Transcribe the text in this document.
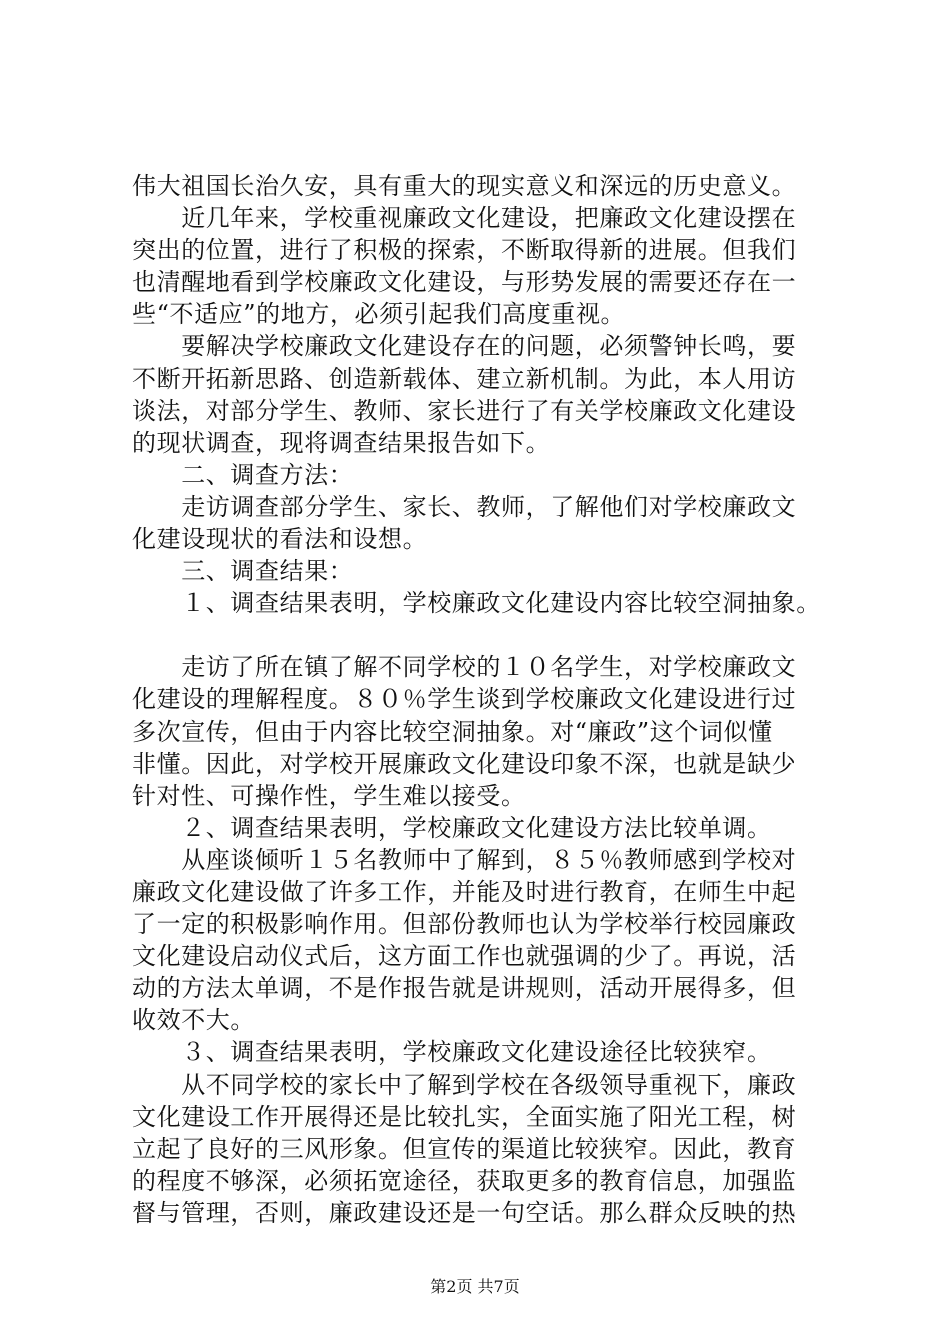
伟大祖国长治久安，具有重大的现实意义和深远的历史意义。
　　近几年来，学校重视廉政文化建设，把廉政文化建设摆在
突出的位置，进行了积极的探索，不断取得新的进展。但我们
也清醒地看到学校廉政文化建设，与形势发展的需要还存在一
些“不适应”的地方，必须引起我们高度重视。
　　要解决学校廉政文化建设存在的问题，必须警钟长鸣，要
不断开拓新思路、创造新载体、建立新机制。为此，本人用访
谈法，对部分学生、教师、家长进行了有关学校廉政文化建设
的现状调查，现将调查结果报告如下。
　　二、调查方法：
　　走访调查部分学生、家长、教师，了解他们对学校廉政文
化建设现状的看法和设想。
　　三、调查结果：
　　１、调查结果表明，学校廉政文化建设内容比较空洞抽象。
　　走访了所在镇了解不同学校的１０名学生，对学校廉政文
化建设的理解程度。８０％学生谈到学校廉政文化建设进行过
多次宣传，但由于内容比较空洞抽象。对“廉政”这个词似懂
非懂。因此，对学校开展廉政文化建设印象不深，也就是缺少
针对性、可操作性，学生难以接受。
　　２、调查结果表明，学校廉政文化建设方法比较单调。
　　从座谈倾听１５名教师中了解到，８５％教师感到学校对
廉政文化建设做了许多工作，并能及时进行教育，在师生中起
了一定的积极影响作用。但部份教师也认为学校举行校园廉政
文化建设启动仪式后，这方面工作也就强调的少了。再说，活
动的方法太单调，不是作报告就是讲规则，活动开展得多，但
收效不大。
　　３、调查结果表明，学校廉政文化建设途径比较狭窄。
　　从不同学校的家长中了解到学校在各级领导重视下，廉政
文化建设工作开展得还是比较扎实，全面实施了阳光工程，树
立起了良好的三风形象。但宣传的渠道比较狭窄。因此，教育
的程度不够深，必须拓宽途径，获取更多的教育信息，加强监
督与管理，否则，廉政建设还是一句空话。那么群众反映的热
第2页 共7页
